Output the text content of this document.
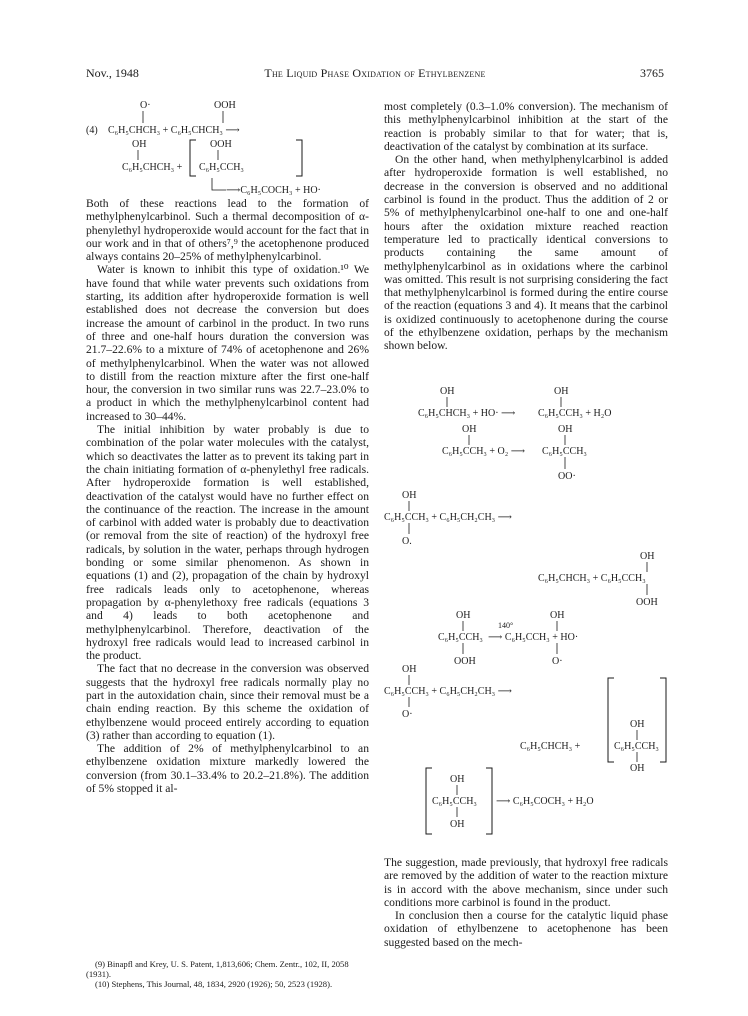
Nov., 1948	The Liquid Phase Oxidation of Ethylbenzene	3765
(4)
O·	OOH
C₆H₅CHCH₃ + C₆H₅CHCH₃ ⟶
OH	OOH
C₆H₅CHCH₃ + C₆H₅CCH₃
⟶C₆H₅COCH₃ + HO·

Both of these reactions lead to the formation of methylphenylcarbinol. Such a thermal decomposition of α-phenylethyl hydroperoxide would account for the fact that in our work and in that of others⁷,⁹ the acetophenone produced always contains 20–25% of methylphenylcarbinol.

Water is known to inhibit this type of oxidation.¹⁰ We have found that while water prevents such oxidations from starting, its addition after hydroperoxide formation is well established does not decrease the conversion but does increase the amount of carbinol in the product. In two runs of three and one-half hours duration the conversion was 21.7–22.6% to a mixture of 74% of acetophenone and 26% of methylphenylcarbinol. When the water was not allowed to distill from the reaction mixture after the first one-half hour, the conversion in two similar runs was 22.7–23.0% to a product in which the methylphenylcarbinol content had increased to 30–44%.

The initial inhibition by water probably is due to combination of the polar water molecules with the catalyst, which so deactivates the latter as to prevent its taking part in the chain initiating formation of α-phenylethyl free radicals. After hydroperoxide formation is well established, deactivation of the catalyst would have no further effect on the continuance of the reaction. The increase in the amount of carbinol with added water is probably due to deactivation (or removal from the site of reaction) of the hydroxyl free radicals, by solution in the water, perhaps through hydrogen bonding or some similar phenomenon. As shown in equations (1) and (2), propagation of the chain by hydroxyl free radicals leads only to acetophenone, whereas propagation by α-phenylethoxy free radicals (equations 3 and 4) leads to both acetophenone and methylphenylcarbinol. Therefore, deactivation of the hydroxyl free radicals would lead to increased carbinol in the product.

The fact that no decrease in the conversion was observed suggests that the hydroxyl free radicals normally play no part in the autoxidation chain, since their removal must be a chain ending reaction. By this scheme the oxidation of ethylbenzene would proceed entirely according to equation (3) rather than according to equation (1).

The addition of 2% of methylphenylcarbinol to an ethylbenzene oxidation mixture markedly lowered the conversion (from 30.1–33.4% to 20.2–21.8%). The addition of 5% stopped it al-

(9) Binapfl and Krey, U. S. Patent, 1,813,606; Chem. Zentr., 102, II, 2058 (1931).

(10) Stephens, This Journal, 48, 1834, 2920 (1926); 50, 2523 (1928).

most completely (0.3–1.0% conversion). The mechanism of this methylphenylcarbinol inhibition at the start of the reaction is probably similar to that for water; that is, deactivation of the catalyst by combination at its surface.

On the other hand, when methylphenylcarbinol is added after hydroperoxide formation is well established, no decrease in the conversion is observed and no additional carbinol is found in the product. Thus the addition of 2 or 5% of methylphenylcarbinol one-half to one and one-half hours after the oxidation mixture reached reaction temperature led to practically identical conversions to products containing the same amount of methylphenylcarbinol as in oxidations where the carbinol was omitted. This result is not surprising considering the fact that methylphenylcarbinol is formed during the entire course of the reaction (equations 3 and 4). It means that the carbinol is oxidized continuously to acetophenone during the course of the ethylbenzene oxidation, perhaps by the mechanism shown below.

OH	OH
C₆H₅CHCH₃ + HO· ⟶ C₆H₅CCH₃ + H₂O
OH	OH
C₆H₅CCH₃ + O₂ ⟶ C₆H₅CCH₃
OO·
OH
C₆H₅CCH₃ + C₆H₅CH₂CH₃ ⟶
O.
OH
C₆H₅CHCH₃ + C₆H₅CCH₃
OOH
OH	OH
140°
C₆H₅CCH₃ ⟶ C₆H₅CCH₃ + HO·
OOH	O·
OH
C₆H₅CCH₃ + C₆H₅CH₂CH₃ ⟶
O·
OH
C₆H₅CHCH₃ +	C₆H₅CCH₃
OH
OH
C₆H₅CCH₃ ⟶ C₆H₅COCH₃ + H₂O
OH

The suggestion, made previously, that hydroxyl free radicals are removed by the addition of water to the reaction mixture is in accord with the above mechanism, since under such conditions more carbinol is found in the product.

In conclusion then a course for the catalytic liquid phase oxidation of ethylbenzene to acetophenone has been suggested based on the mech-
